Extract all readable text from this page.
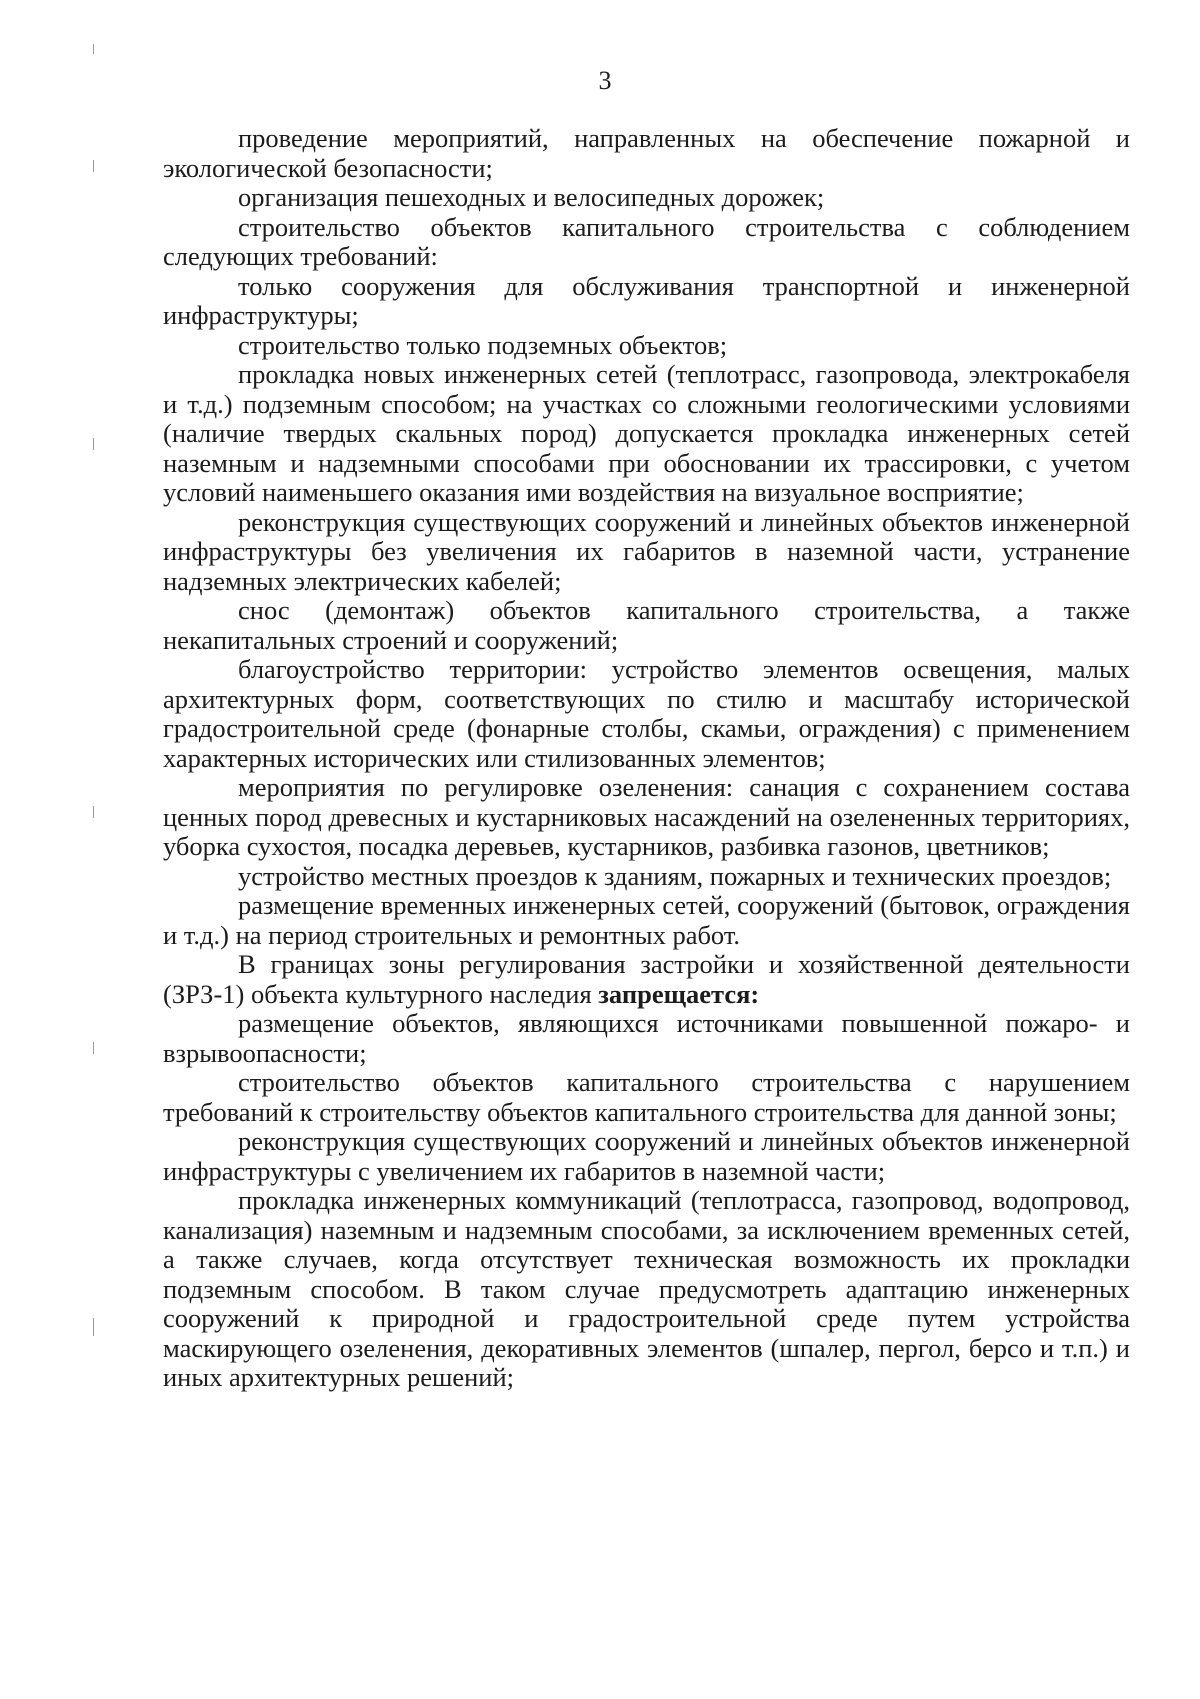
3

проведение мероприятий, направленных на обеспечение пожарной и экологической безопасности;

организация пешеходных и велосипедных дорожек;

строительство объектов капитального строительства с соблюдением следующих требований:

только сооружения для обслуживания транспортной и инженерной инфраструктуры;

строительство только подземных объектов;

прокладка новых инженерных сетей (теплотрасс, газопровода, электрокабеля и т.д.) подземным способом; на участках со сложными геологическими условиями (наличие твердых скальных пород) допускается прокладка инженерных сетей наземным и надземными способами при обосновании их трассировки, с учетом условий наименьшего оказания ими воздействия на визуальное восприятие;

реконструкция существующих сооружений и линейных объектов инженерной инфраструктуры без увеличения их габаритов в наземной части, устранение надземных электрических кабелей;

снос (демонтаж) объектов капитального строительства, а также некапитальных строений и сооружений;

благоустройство территории: устройство элементов освещения, малых архитектурных форм, соответствующих по стилю и масштабу исторической градостроительной среде (фонарные столбы, скамьи, ограждения) с применением характерных исторических или стилизованных элементов;

мероприятия по регулировке озеленения: санация с сохранением состава ценных пород древесных и кустарниковых насаждений на озелененных территориях, уборка сухостоя, посадка деревьев, кустарников, разбивка газонов, цветников;

устройство местных проездов к зданиям, пожарных и технических проездов;

размещение временных инженерных сетей, сооружений (бытовок, ограждения и т.д.) на период строительных и ремонтных работ.

В границах зоны регулирования застройки и хозяйственной деятельности (ЗРЗ-1) объекта культурного наследия запрещается:

размещение объектов, являющихся источниками повышенной пожаро- и взрывоопасности;

строительство объектов капитального строительства с нарушением требований к строительству объектов капитального строительства для данной зоны;

реконструкция существующих сооружений и линейных объектов инженерной инфраструктуры с увеличением их габаритов в наземной части;

прокладка инженерных коммуникаций (теплотрасса, газопровод, водопровод, канализация) наземным и надземным способами, за исключением временных сетей, а также случаев, когда отсутствует техническая возможность их прокладки подземным способом. В таком случае предусмотреть адаптацию инженерных сооружений к природной и градостроительной среде путем устройства маскирующего озеленения, декоративных элементов (шпалер, пергол, берсо и т.п.) и иных архитектурных решений;
